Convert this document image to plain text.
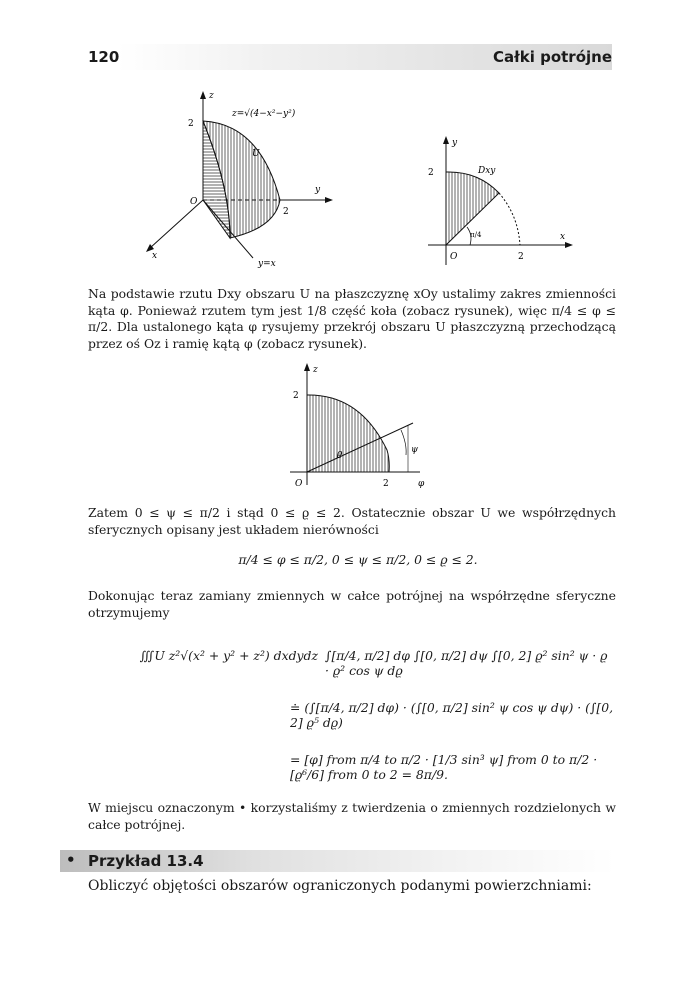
120	Całki potrójne
z
y
x
2
2
O
z=√(4−x²−y²)
U
y=x
y
x
2
2
O
Dxy
π/4
Na podstawie rzutu Dxy obszaru U na płaszczyznę xOy ustalimy zakres zmienności kąta φ. Ponieważ rzutem tym jest 1/8 część koła (zobacz rysunek), więc π/4 ≤ φ ≤ π/2. Dla ustalonego kąta φ rysujemy przekrój obszaru U płaszczyzną przechodzącą przez oś Oz i ramię kątą φ (zobacz rysunek).
z
2
2
O
ϱ	ψ
φ
Zatem 0 ≤ ψ ≤ π/2 i stąd 0 ≤ ϱ ≤ 2. Ostatecznie obszar U we współrzędnych sferycznych opisany jest układem nierówności
π/4 ≤ φ ≤ π/2, 0 ≤ ψ ≤ π/2, 0 ≤ ϱ ≤ 2.
Dokonując teraz zamiany zmiennych w całce potrójnej na współrzędne sferyczne otrzymujemy
∭U z²√(x² + y² + z²) dxdydz ∫[π/4, π/2] dφ ∫[0, π/2] dψ ∫[0, 2] ϱ² sin² ψ · ϱ · ϱ² cos ψ dϱ
≐ (∫[π/4, π/2] dφ) · (∫[0, π/2] sin² ψ cos ψ dψ) · (∫[0, 2] ϱ⁵ dϱ)
= [φ] from π/4 to π/2 · [1/3 sin³ ψ] from 0 to π/2 · [ϱ⁶/6] from 0 to 2 = 8π/9.
W miejscu oznaczonym • korzystaliśmy z twierdzenia o zmiennych rozdzielonych w całce potrójnej.
• Przykład 13.4
Obliczyć objętości obszarów ograniczonych podanymi powierzchniami:
